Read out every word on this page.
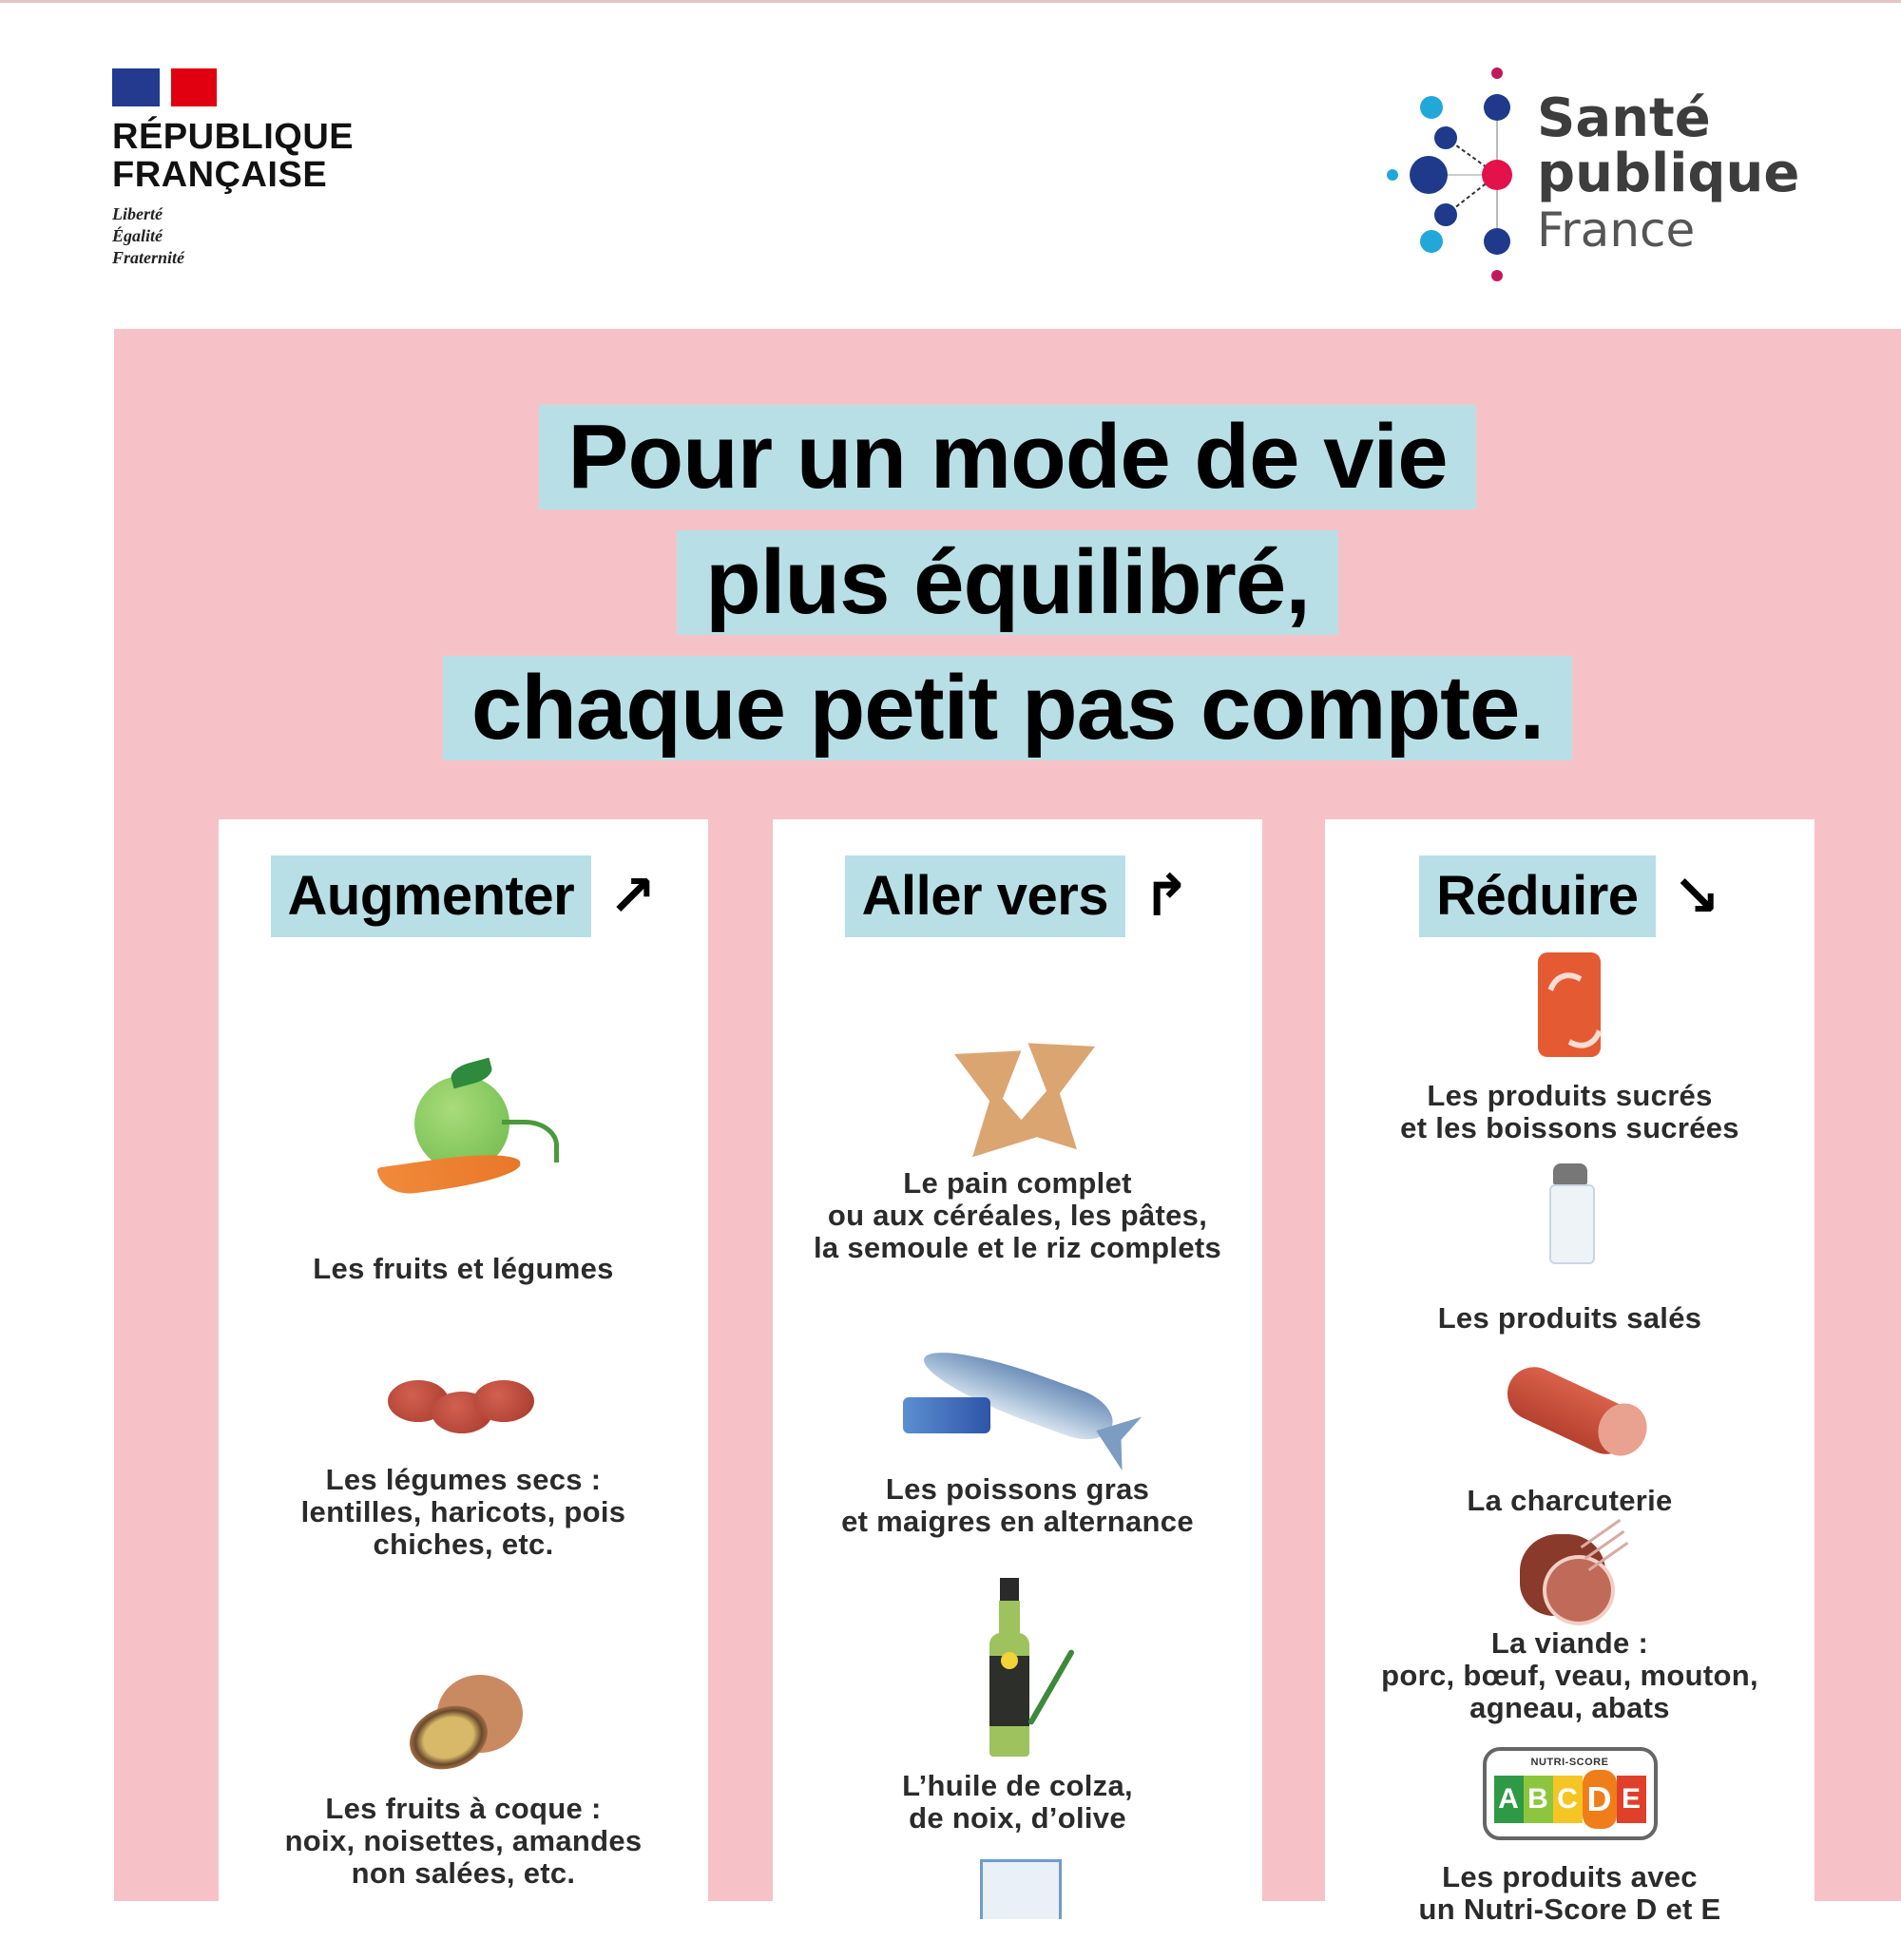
RÉPUBLIQUE
FRANÇAISE
Liberté
Égalité
Fraternité
Santé
publique
France
Pour un mode de vie
plus équilibré,
chaque petit pas compte.
Augmenter ↗
Les fruits et légumes
Les légumes secs :
lentilles, haricots, pois
chiches, etc.
Les fruits à coque :
noix, noisettes, amandes
non salées, etc.
Aller vers ↱
Le pain complet
ou aux céréales, les pâtes,
la semoule et le riz complets
Les poissons gras
et maigres en alternance
L’huile de colza,
de noix, d’olive
Réduire ↘
Les produits sucrés
et les boissons sucrées
Les produits salés
La charcuterie
La viande :
porc, bœuf, veau, mouton,
agneau, abats
NUTRI-SCORE
A B C D E
Les produits avec
un Nutri-Score D et E
